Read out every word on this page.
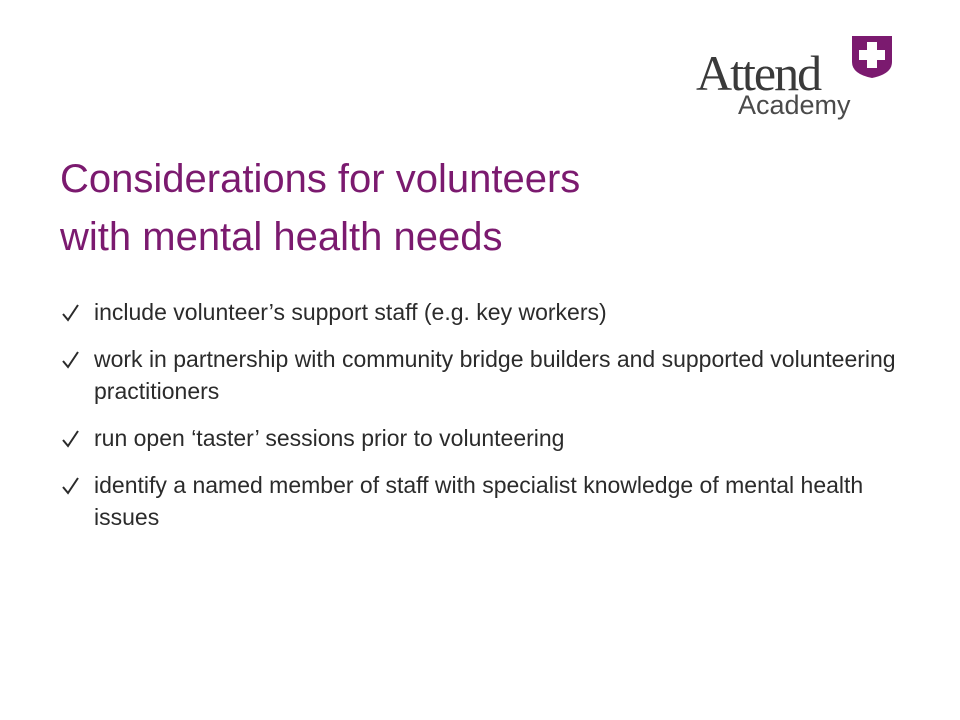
Attend
Academy
Considerations for volunteers
with mental health needs
include volunteer’s support staff (e.g. key workers)
work in partnership with community bridge builders and supported volunteering practitioners
run open ‘taster’ sessions prior to volunteering
identify a named member of staff with specialist knowledge of mental health issues
